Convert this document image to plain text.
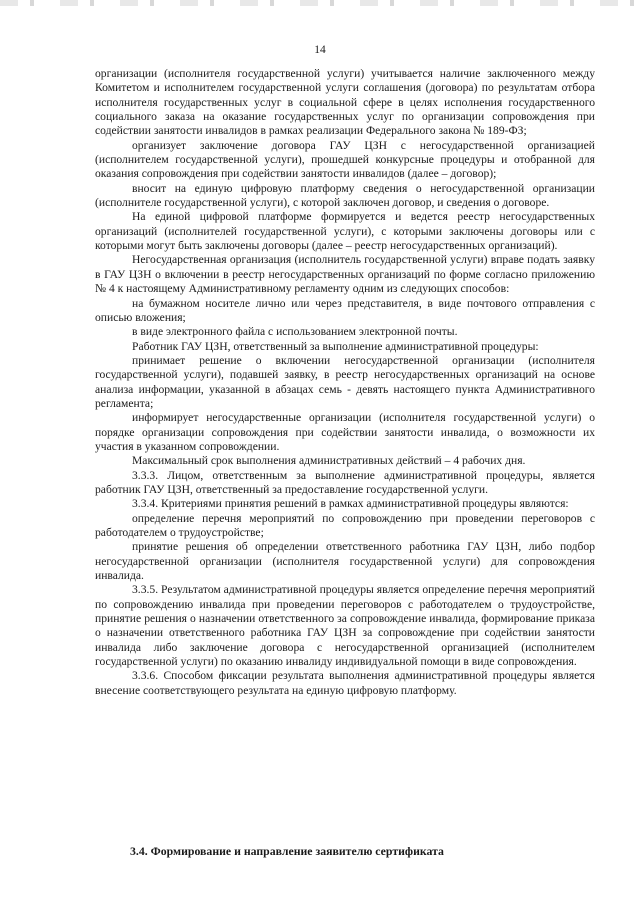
14

организации (исполнителя государственной услуги) учитывается наличие заключенного между Комитетом и исполнителем государственной услуги соглашения (договора) по результатам отбора исполнителя государственных услуг в социальной сфере в целях исполнения государственного социального заказа на оказание государственных услуг по организации сопровождения при содействии занятости инвалидов в рамках реализации Федерального закона № 189-ФЗ;

организует заключение договора ГАУ ЦЗН с негосударственной организацией (исполнителем государственной услуги), прошедшей конкурсные процедуры и отобранной для оказания сопровождения при содействии занятости инвалидов (далее – договор);

вносит на единую цифровую платформу сведения о негосударственной организации (исполнителе государственной услуги), с которой заключен договор, и сведения о договоре.

На единой цифровой платформе формируется и ведется реестр негосударственных организаций (исполнителей государственной услуги), с которыми заключены договоры или с которыми могут быть заключены договоры (далее – реестр негосударственных организаций).

Негосударственная организация (исполнитель государственной услуги) вправе подать заявку в ГАУ ЦЗН о включении в реестр негосударственных организаций по форме согласно приложению № 4 к настоящему Административному регламенту одним из следующих способов:

на бумажном носителе лично или через представителя, в виде почтового отправления с описью вложения;

в виде электронного файла с использованием электронной почты.

Работник ГАУ ЦЗН, ответственный за выполнение административной процедуры:

принимает решение о включении негосударственной организации (исполнителя государственной услуги), подавшей заявку, в реестр негосударственных организаций на основе анализа информации, указанной в абзацах семь - девять настоящего пункта Административного регламента;

информирует негосударственные организации (исполнителя государственной услуги) о порядке организации сопровождения при содействии занятости инвалида, о возможности их участия в указанном сопровождении.

Максимальный срок выполнения административных действий – 4 рабочих дня.

3.3.3. Лицом, ответственным за выполнение административной процедуры, является работник ГАУ ЦЗН, ответственный за предоставление государственной услуги.

3.3.4. Критериями принятия решений в рамках административной процедуры являются:

определение перечня мероприятий по сопровождению при проведении переговоров с работодателем о трудоустройстве;

принятие решения об определении ответственного работника ГАУ ЦЗН, либо подбор негосударственной организации (исполнителя государственной услуги) для сопровождения инвалида.

3.3.5. Результатом административной процедуры является определение перечня мероприятий по сопровождению инвалида при проведении переговоров с работодателем о трудоустройстве, принятие решения о назначении ответственного за сопровождение инвалида, формирование приказа о назначении ответственного работника ГАУ ЦЗН за сопровождение при содействии занятости инвалида либо заключение договора с негосударственной организацией (исполнителем государственной услуги) по оказанию инвалиду индивидуальной помощи в виде сопровождения.

3.3.6. Способом фиксации результата выполнения административной процедуры является внесение соответствующего результата на единую цифровую платформу.

3.4. Формирование и направление заявителю сертификата
